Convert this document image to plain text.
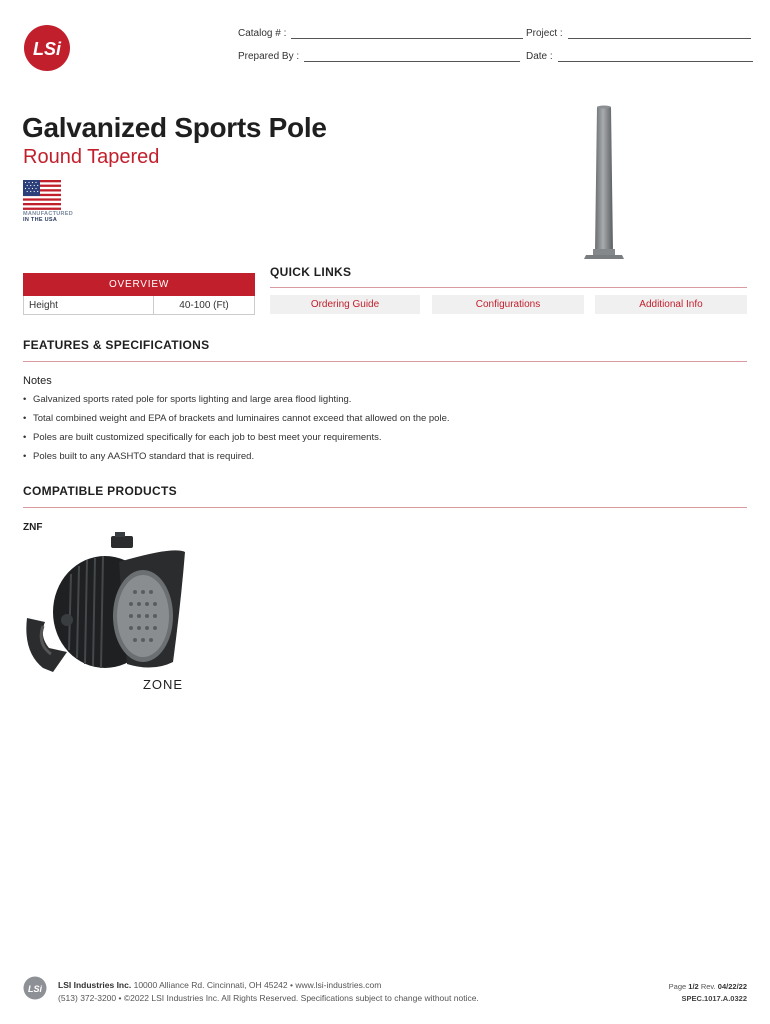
LSi
Catalog # :	Project :
Prepared By :	Date :
Galvanized Sports Pole
Round Tapered
MANUFACTURED
IN THE USA
OVERVIEW
Height	40-100 (Ft)
QUICK LINKS
Ordering Guide	Configurations	Additional Info
FEATURES & SPECIFICATIONS
Notes
• Galvanized sports rated pole for sports lighting and large area flood lighting.
• Total combined weight and EPA of brackets and luminaires cannot exceed that allowed on the pole.
• Poles are built customized specifically for each job to best meet your requirements.
• Poles built to any AASHTO standard that is required.
COMPATIBLE PRODUCTS
ZNF
ZONE
LSi LSI Industries Inc. 10000 Alliance Rd. Cincinnati, OH 45242 • www.lsi-industries.com
(513) 372-3200 • ©2022 LSI Industries Inc. All Rights Reserved. Specifications subject to change without notice.
Page 1/2 Rev. 04/22/22
SPEC.1017.A.0322
